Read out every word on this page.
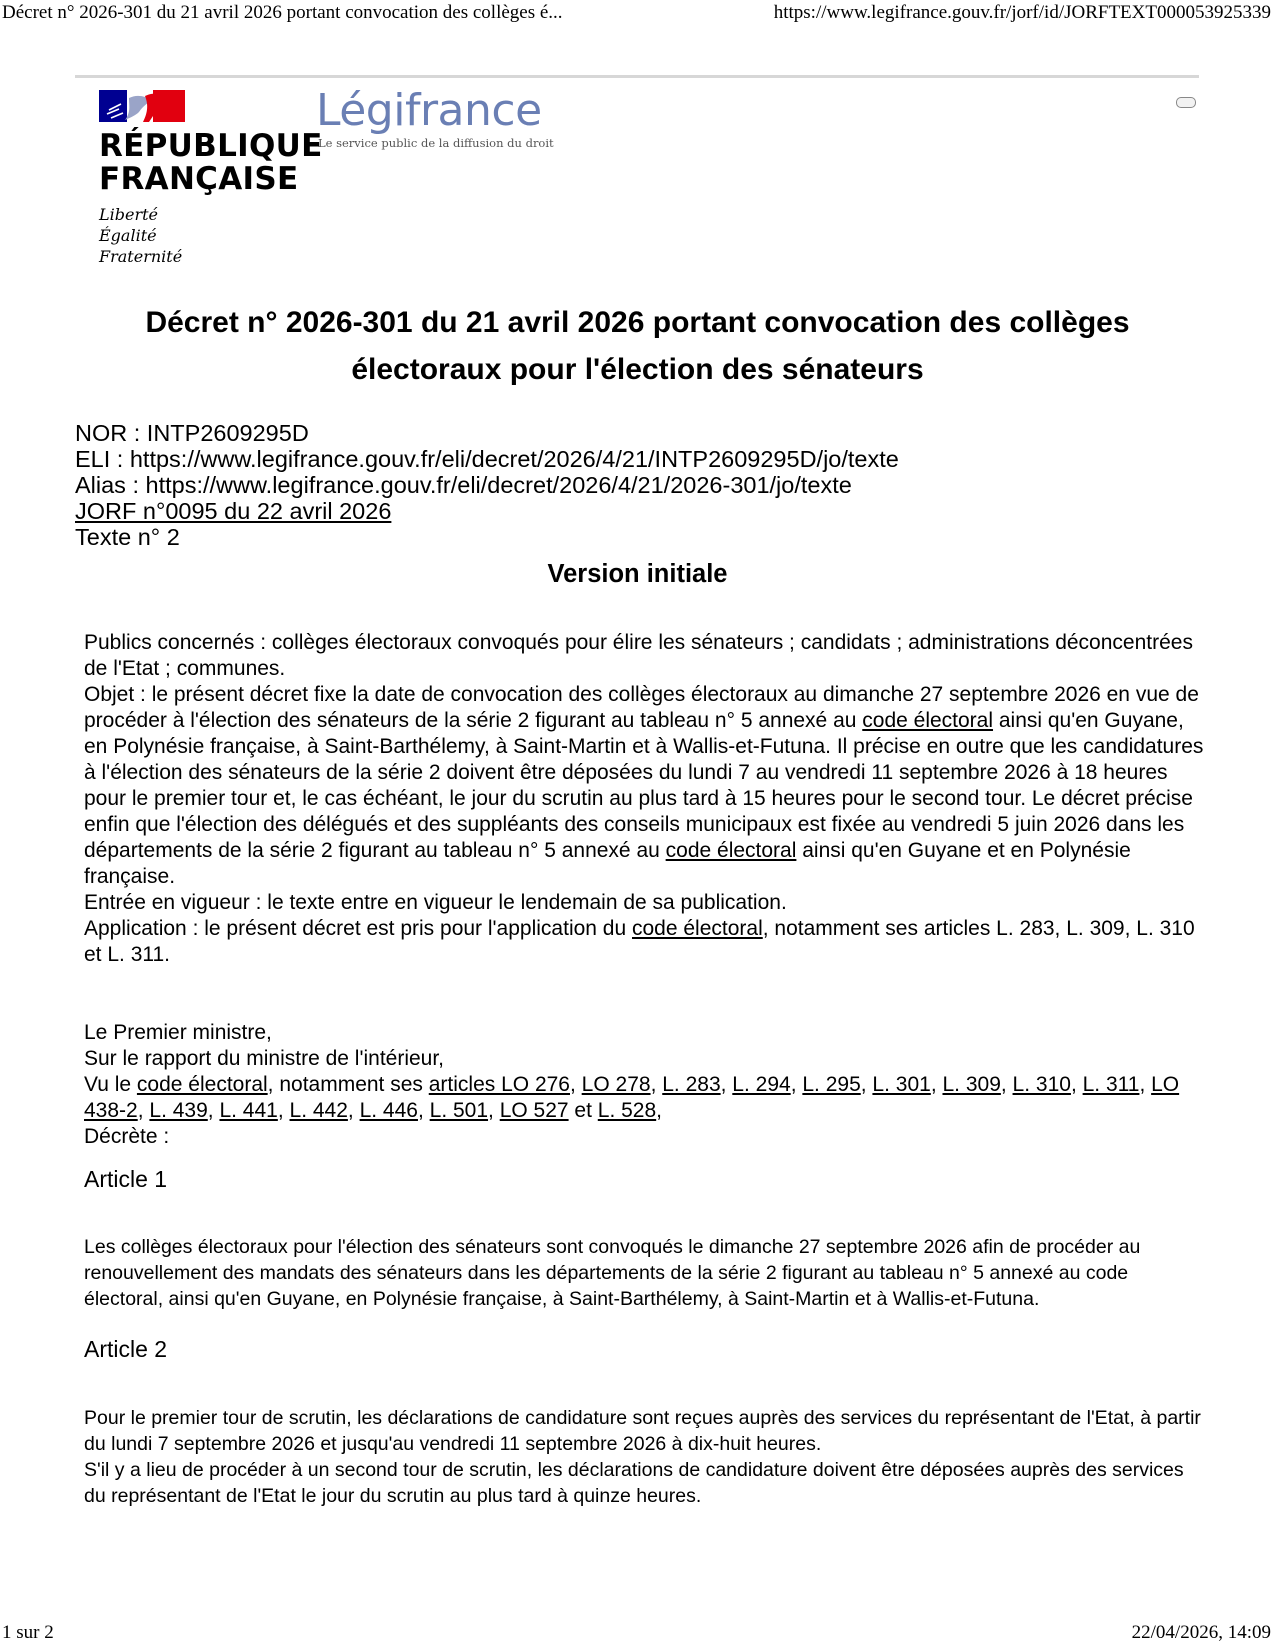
Décret n° 2026-301 du 21 avril 2026 portant convocation des collèges é...	https://www.legifrance.gouv.fr/jorf/id/JORFTEXT000053925339
RÉPUBLIQUE
FRANÇAISE
Liberté
Égalité
Fraternité
Légifrance
Le service public de la diffusion du droit
Décret n° 2026-301 du 21 avril 2026 portant convocation des collèges électoraux pour l'élection des sénateurs
NOR : INTP2609295D
ELI : https://www.legifrance.gouv.fr/eli/decret/2026/4/21/INTP2609295D/jo/texte
Alias : https://www.legifrance.gouv.fr/eli/decret/2026/4/21/2026-301/jo/texte
JORF n°0095 du 22 avril 2026
Texte n° 2
Version initiale

Publics concernés : collèges électoraux convoqués pour élire les sénateurs ; candidats ; administrations déconcentrées de l'Etat ; communes.

Objet : le présent décret fixe la date de convocation des collèges électoraux au dimanche 27 septembre 2026 en vue de procéder à l'élection des sénateurs de la série 2 figurant au tableau n° 5 annexé au code électoral ainsi qu'en Guyane, en Polynésie française, à Saint-Barthélemy, à Saint-Martin et à Wallis-et-Futuna. Il précise en outre que les candidatures à l'élection des sénateurs de la série 2 doivent être déposées du lundi 7 au vendredi 11 septembre 2026 à 18 heures pour le premier tour et, le cas échéant, le jour du scrutin au plus tard à 15 heures pour le second tour. Le décret précise enfin que l'élection des délégués et des suppléants des conseils municipaux est fixée au vendredi 5 juin 2026 dans les départements de la série 2 figurant au tableau n° 5 annexé au code électoral ainsi qu'en Guyane et en Polynésie française.

Entrée en vigueur : le texte entre en vigueur le lendemain de sa publication.

Application : le présent décret est pris pour l'application du code électoral, notamment ses articles L. 283, L. 309, L. 310 et L. 311.

Le Premier ministre,

Sur le rapport du ministre de l'intérieur,

Vu le code électoral, notamment ses articles LO 276, LO 278, L. 283, L. 294, L. 295, L. 301, L. 309, L. 310, L. 311, LO 438-2, L. 439, L. 441, L. 442, L. 446, L. 501, LO 527 et L. 528,

Décrète :

Article 1

Les collèges électoraux pour l'élection des sénateurs sont convoqués le dimanche 27 septembre 2026 afin de procéder au renouvellement des mandats des sénateurs dans les départements de la série 2 figurant au tableau n° 5 annexé au code électoral, ainsi qu'en Guyane, en Polynésie française, à Saint-Barthélemy, à Saint-Martin et à Wallis-et-Futuna.

Article 2

Pour le premier tour de scrutin, les déclarations de candidature sont reçues auprès des services du représentant de l'Etat, à partir du lundi 7 septembre 2026 et jusqu'au vendredi 11 septembre 2026 à dix-huit heures.

S'il y a lieu de procéder à un second tour de scrutin, les déclarations de candidature doivent être déposées auprès des services du représentant de l'Etat le jour du scrutin au plus tard à quinze heures.

1 sur 2	22/04/2026, 14:09
